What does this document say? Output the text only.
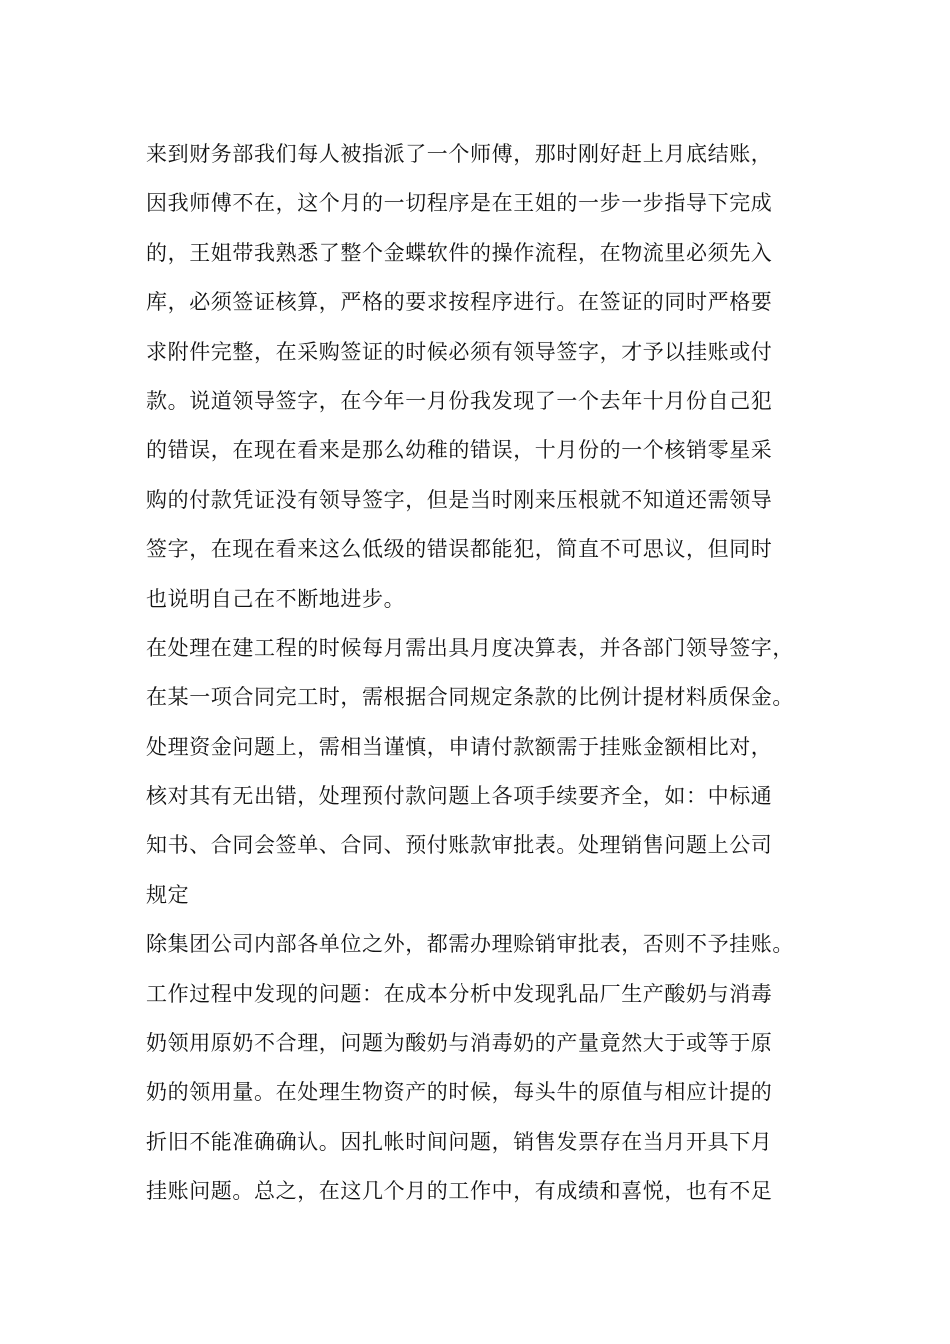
来到财务部我们每人被指派了一个师傅，那时刚好赶上月底结账，
因我师傅不在，这个月的一切程序是在王姐的一步一步指导下完成
的，王姐带我熟悉了整个金蝶软件的操作流程，在物流里必须先入
库，必须签证核算，严格的要求按程序进行。在签证的同时严格要
求附件完整，在采购签证的时候必须有领导签字，才予以挂账或付
款。说道领导签字，在今年一月份我发现了一个去年十月份自己犯
的错误，在现在看来是那么幼稚的错误，十月份的一个核销零星采
购的付款凭证没有领导签字，但是当时刚来压根就不知道还需领导
签字，在现在看来这么低级的错误都能犯，简直不可思议，但同时
也说明自己在不断地进步。
在处理在建工程的时候每月需出具月度决算表，并各部门领导签字，
在某一项合同完工时，需根据合同规定条款的比例计提材料质保金。
处理资金问题上，需相当谨慎，申请付款额需于挂账金额相比对，
核对其有无出错，处理预付款问题上各项手续要齐全，如：中标通
知书、合同会签单、合同、预付账款审批表。处理销售问题上公司
规定
除集团公司内部各单位之外，都需办理赊销审批表，否则不予挂账。
工作过程中发现的问题：在成本分析中发现乳品厂生产酸奶与消毒
奶领用原奶不合理，问题为酸奶与消毒奶的产量竟然大于或等于原
奶的领用量。在处理生物资产的时候，每头牛的原值与相应计提的
折旧不能准确确认。因扎帐时间问题，销售发票存在当月开具下月
挂账问题。总之，在这几个月的工作中，有成绩和喜悦，也有不足
